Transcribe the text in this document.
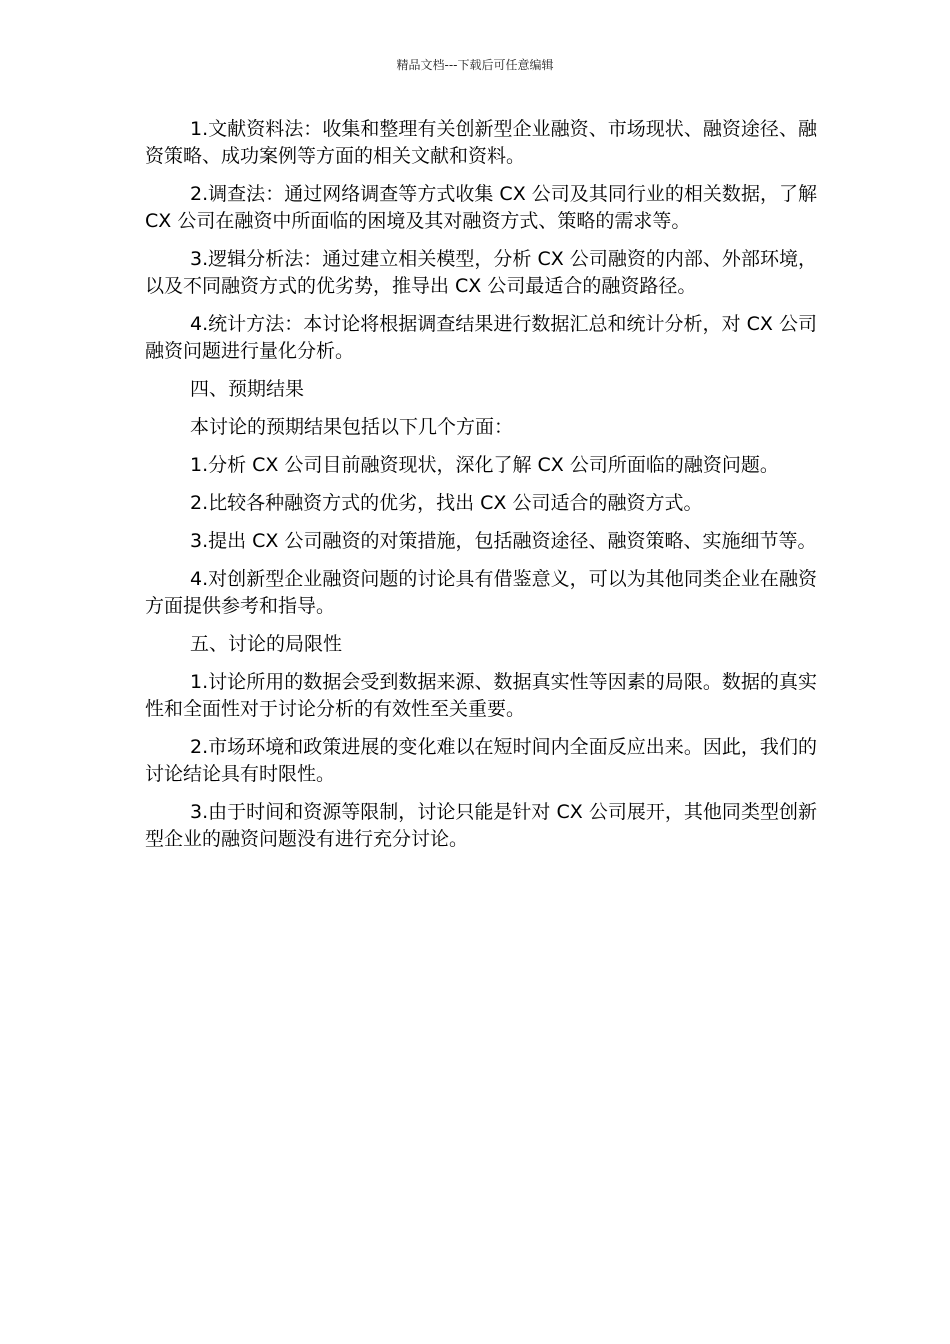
精品文档---下载后可任意编辑

1.文献资料法：收集和整理有关创新型企业融资、市场现状、融资途径、融资策略、成功案例等方面的相关文献和资料。

2.调查法：通过网络调查等方式收集 CX 公司及其同行业的相关数据，了解 CX 公司在融资中所面临的困境及其对融资方式、策略的需求等。

3.逻辑分析法：通过建立相关模型，分析 CX 公司融资的内部、外部环境，以及不同融资方式的优劣势，推导出 CX 公司最适合的融资路径。

4.统计方法：本讨论将根据调查结果进行数据汇总和统计分析，对 CX 公司融资问题进行量化分析。

四、预期结果

本讨论的预期结果包括以下几个方面：

1.分析 CX 公司目前融资现状，深化了解 CX 公司所面临的融资问题。

2.比较各种融资方式的优劣，找出 CX 公司适合的融资方式。

3.提出 CX 公司融资的对策措施，包括融资途径、融资策略、实施细节等。

4.对创新型企业融资问题的讨论具有借鉴意义，可以为其他同类企业在融资方面提供参考和指导。

五、讨论的局限性

1.讨论所用的数据会受到数据来源、数据真实性等因素的局限。数据的真实性和全面性对于讨论分析的有效性至关重要。

2.市场环境和政策进展的变化难以在短时间内全面反应出来。因此，我们的讨论结论具有时限性。

3.由于时间和资源等限制，讨论只能是针对 CX 公司展开，其他同类型创新型企业的融资问题没有进行充分讨论。
